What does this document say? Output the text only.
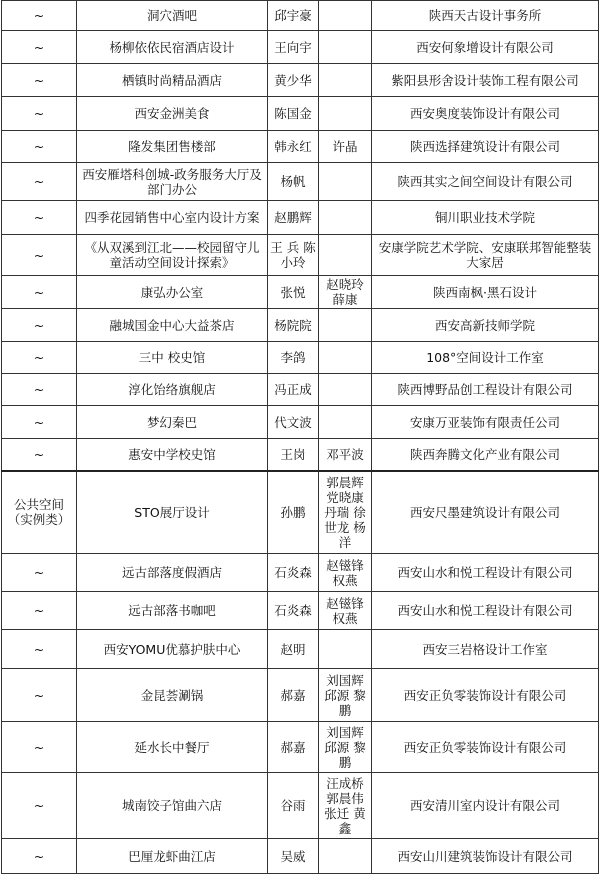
~	洞穴酒吧	邱宇豪		陕西天古设计事务所
~	杨柳依依民宿酒店设计	王向宇		西安何象增设计有限公司
~	栖镇时尚精品酒店	黄少华		紫阳县形舍设计装饰工程有限公司
~	西安金洲美食	陈国金		西安奥度装饰设计有限公司
~	隆发集团售楼部	韩永红	许晶	陕西选择建筑设计有限公司
~	西安雁塔科创城-政务服务大厅及部门办公	杨帆		陕西其实之间空间设计有限公司
~	四季花园销售中心室内设计方案	赵鹏辉		铜川职业技术学院
~	《从双溪到江北——校园留守儿童活动空间设计探索》	王 兵 陈小玲		安康学院艺术学院、安康联邦智能整装大家居
~	康弘办公室	张悦	赵晓玲 薛康	陕西南枫·黑石设计
~	融城国金中心大益茶店	杨院院		西安高新技师学院
~	三中 校史馆	李鸽		108°空间设计工作室
~	淳化饴络旗舰店	冯正成		陕西博野品创工程设计有限公司
~	梦幻秦巴	代文波		安康万亚装饰有限责任公司
~	惠安中学校史馆	王岗	邓平波	陕西奔腾文化产业有限公司
公共空间（实例类）	STO展厅设计	孙鹏	郭晨辉 党晓康 丹瑞 徐世龙 杨洋	西安尺墨建筑设计有限公司
~	远古部落度假酒店	石炎森	赵镃锋 权燕	西安山水和悦工程设计有限公司
~	远古部落书咖吧	石炎森	赵镃锋 权燕	西安山水和悦工程设计有限公司
~	西安YOMU优慕护肤中心	赵明		西安三岩格设计工作室
~	金昆荟涮锅	郝嘉	刘国辉 邱源 黎鹏	西安正负零装饰设计有限公司
~	延水长中餐厅	郝嘉	刘国辉 邱源 黎鹏	西安正负零装饰设计有限公司
~	城南饺子馆曲六店	谷雨	汪成桥 郭晨伟 张迁 黄鑫	西安清川室内设计有限公司
~	巴厘龙虾曲江店	吴威		西安山川建筑装饰设计有限公司
